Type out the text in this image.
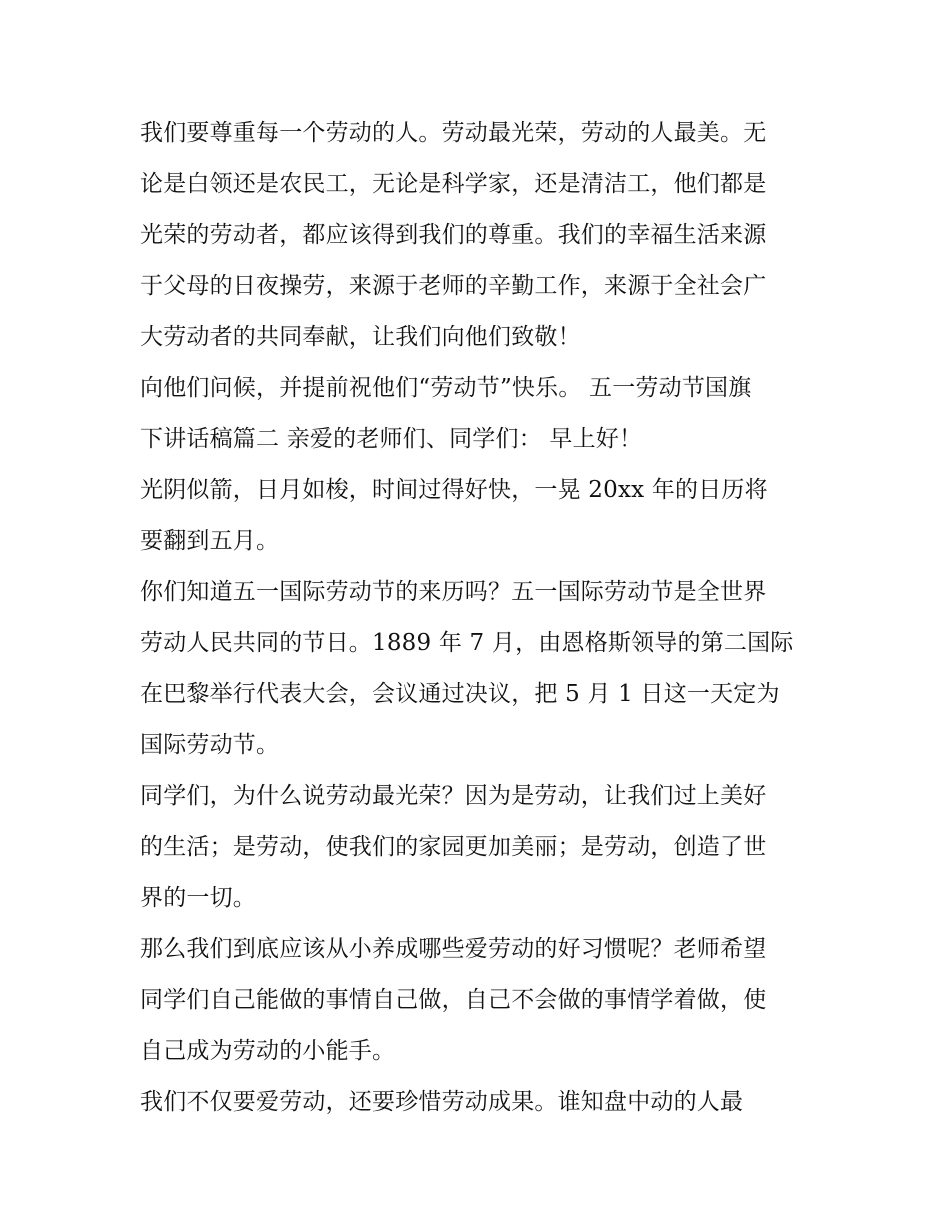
我们要尊重每一个劳动的人。劳动最光荣，劳动的人最美。无
论是白领还是农民工，无论是科学家，还是清洁工，他们都是
光荣的劳动者，都应该得到我们的尊重。我们的幸福生活来源
于父母的日夜操劳，来源于老师的辛勤工作，来源于全社会广
大劳动者的共同奉献，让我们向他们致敬！

向他们问候，并提前祝他们“劳动节”快乐。 五一劳动节国旗
下讲话稿篇二 亲爱的老师们、同学们： 早上好！

光阴似箭，日月如梭，时间过得好快，一晃 20xx 年的日历将
要翻到五月。

你们知道五一国际劳动节的来历吗？五一国际劳动节是全世界
劳动人民共同的节日。1889 年 7 月，由恩格斯领导的第二国际
在巴黎举行代表大会，会议通过决议，把 5 月 1 日这一天定为
国际劳动节。

同学们，为什么说劳动最光荣？因为是劳动，让我们过上美好
的生活；是劳动，使我们的家园更加美丽；是劳动，创造了世
界的一切。

那么我们到底应该从小养成哪些爱劳动的好习惯呢？老师希望
同学们自己能做的事情自己做，自己不会做的事情学着做，使
自己成为劳动的小能手。

我们不仅要爱劳动，还要珍惜劳动成果。谁知盘中动的人最
